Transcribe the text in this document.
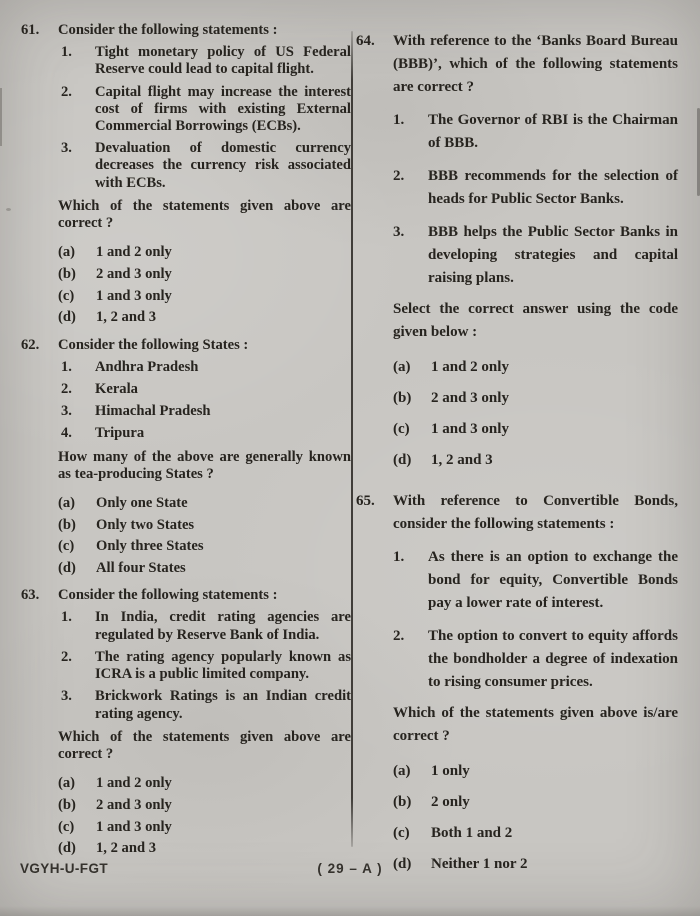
61.	Consider the following statements :

1.	Tight monetary policy of US Federal Reserve could lead to capital flight.
2.	Capital flight may increase the interest cost of firms with existing External Commercial Borrowings (ECBs).
3.	Devaluation of domestic currency decreases the currency risk associated with ECBs.

Which of the statements given above are correct ?

(a)	1 and 2 only
(b)	2 and 3 only
(c)	1 and 3 only
(d)	1, 2 and 3
62.	Consider the following States :

1.	Andhra Pradesh
2.	Kerala
3.	Himachal Pradesh
4.	Tripura

How many of the above are generally known as tea-producing States ?

(a)	Only one State
(b)	Only two States
(c)	Only three States
(d)	All four States
63.	Consider the following statements :

1.	In India, credit rating agencies are regulated by Reserve Bank of India.
2.	The rating agency popularly known as ICRA is a public limited company.
3.	Brickwork Ratings is an Indian credit rating agency.

Which of the statements given above are correct ?

(a)	1 and 2 only
(b)	2 and 3 only
(c)	1 and 3 only
(d)	1, 2 and 3
64.	With reference to the ‘Banks Board Bureau (BBB)’, which of the following statements are correct ?

1.	The Governor of RBI is the Chairman of BBB.
2.	BBB recommends for the selection of heads for Public Sector Banks.
3.	BBB helps the Public Sector Banks in developing strategies and capital raising plans.

Select the correct answer using the code given below :

(a)	1 and 2 only
(b)	2 and 3 only
(c)	1 and 3 only
(d)	1, 2 and 3
65.	With reference to Convertible Bonds, consider the following statements :

1.	As there is an option to exchange the bond for equity, Convertible Bonds pay a lower rate of interest.
2.	The option to convert to equity affords the bondholder a degree of indexation to rising consumer prices.

Which of the statements given above is/are correct ?

(a)	1 only
(b)	2 only
(c)	Both 1 and 2
(d)	Neither 1 nor 2
VGYH-U-FGT	( 29 – A )
